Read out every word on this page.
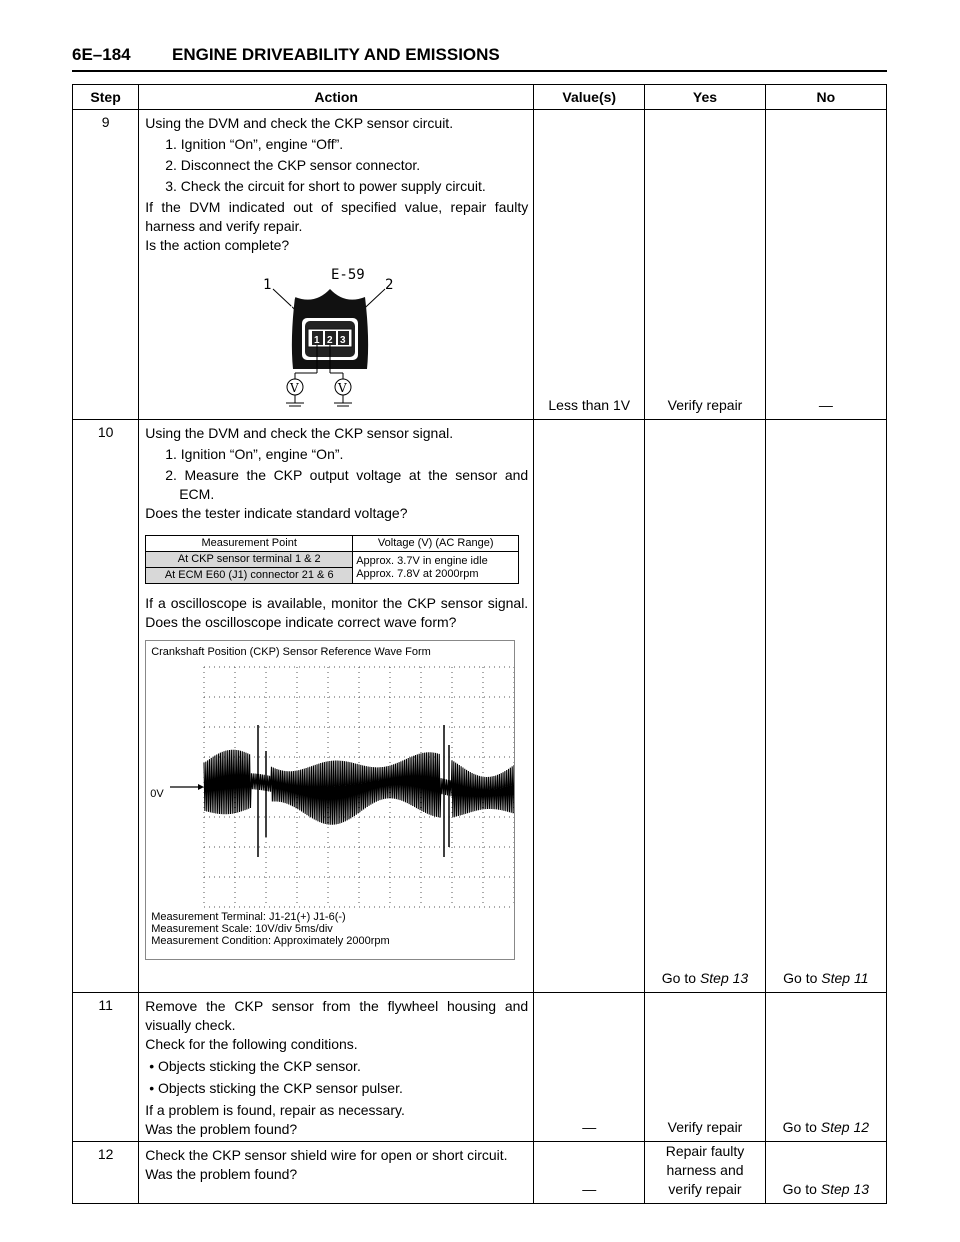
6E–184 ENGINE DRIVEABILITY AND EMISSIONS
Step	Action	Value(s)	Yes	No
9	Using the DVM and check the CKP sensor circuit.

1. Ignition “On”, engine “Off”.

2. Disconnect the CKP sensor connector.

3. Check the circuit for short to power supply circuit.

If the DVM indicated out of specified value, repair faulty harness and verify repair.

Is the action complete?

E-59
1	2
1 2 3
V	V
	Less than 1V	Verify repair	—
10	Using the DVM and check the CKP sensor signal.

1. Ignition “On”, engine “On”.

2. Measure the CKP output voltage at the sensor and ECM.

Does the tester indicate standard voltage?

Measurement Point	Voltage (V) (AC Range)
At CKP sensor terminal 1 & 2	Approx. 3.7V in engine idle
Approx. 7.8V at 2000rpm

At ECM E60 (J1) connector 21 & 6

If a oscilloscope is available, monitor the CKP sensor signal. Does the oscilloscope indicate correct wave form?

Crankshaft Position (CKP) Sensor Reference Wave Form
0V
Measurement Terminal: J1-21(+) J1-6(-)
Measurement Scale: 10V/div 5ms/div
Measurement Condition: Approximately 2000rpm
		Go to Step 13	Go to Step 11
11	Remove the CKP sensor from the flywheel housing and visually check.

Check for the following conditions.

• Objects sticking the CKP sensor.

• Objects sticking the CKP sensor pulser.

If a problem is found, repair as necessary.

Was the problem found?	—	Verify repair	Go to Step 12
12	Check the CKP sensor shield wire for open or short circuit.

Was the problem found?

	—	
Repair faulty
harness and
verify repair	Go to Step 13
